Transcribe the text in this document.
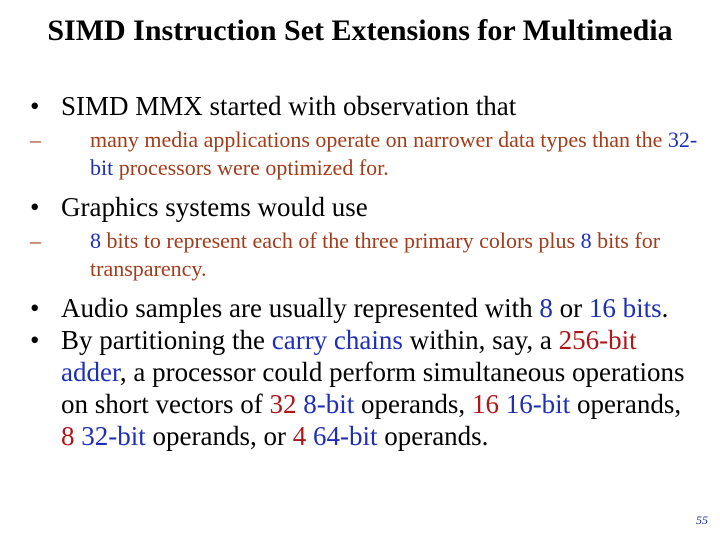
SIMD Instruction Set Extensions for Multimedia
• SIMD MMX started with observation that
– many media applications operate on narrower data types than the 32-bit processors were optimized for.
• Graphics systems would use
– 8 bits to represent each of the three primary colors plus 8 bits for transparency.
• Audio samples are usually represented with 8 or 16 bits.
• By partitioning the carry chains within, say, a 256-bit adder, a processor could perform simultaneous operations on short vectors of 32 8-bit operands, 16 16-bit operands, 8 32-bit operands, or 4 64-bit operands.
55
